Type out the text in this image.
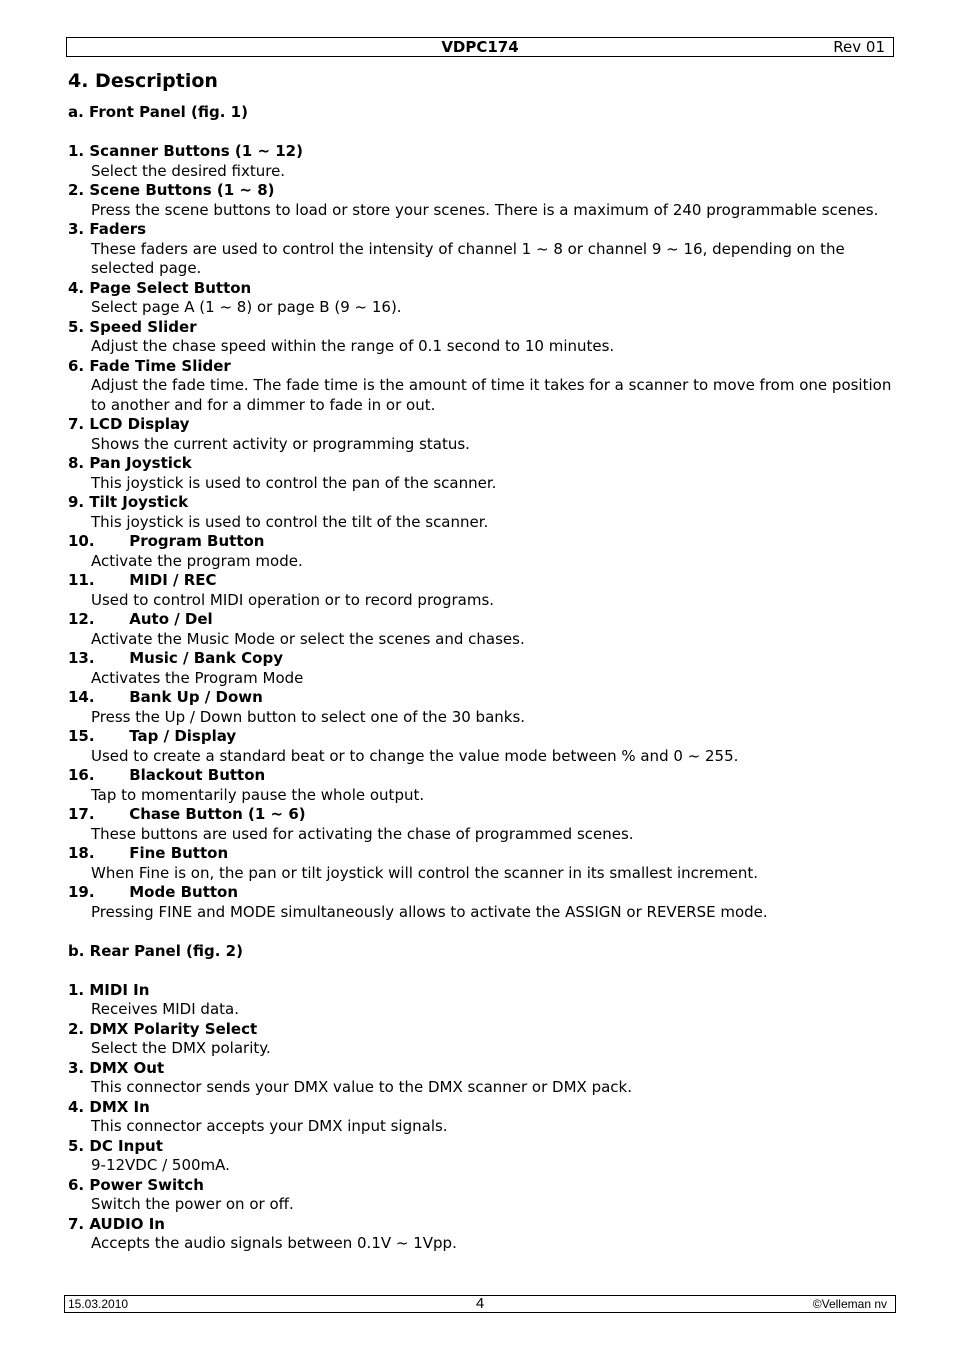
VDPC174	Rev 01
4. Description
a. Front Panel (fig. 1)
1. Scanner Buttons (1 ~ 12)
Select the desired fixture.
2. Scene Buttons (1 ~ 8)
Press the scene buttons to load or store your scenes. There is a maximum of 240 programmable scenes.
3. Faders
These faders are used to control the intensity of channel 1 ~ 8 or channel 9 ~ 16, depending on the selected page.
4. Page Select Button
Select page A (1 ~ 8) or page B (9 ~ 16).
5. Speed Slider
Adjust the chase speed within the range of 0.1 second to 10 minutes.
6. Fade Time Slider
Adjust the fade time. The fade time is the amount of time it takes for a scanner to move from one position to another and for a dimmer to fade in or out.
7. LCD Display
Shows the current activity or programming status.
8. Pan Joystick
This joystick is used to control the pan of the scanner.
9. Tilt Joystick
This joystick is used to control the tilt of the scanner.
10. Program Button
Activate the program mode.
11. MIDI / REC
Used to control MIDI operation or to record programs.
12. Auto / Del
Activate the Music Mode or select the scenes and chases.
13. Music / Bank Copy
Activates the Program Mode
14. Bank Up / Down
Press the Up / Down button to select one of the 30 banks.
15. Tap / Display
Used to create a standard beat or to change the value mode between % and 0 ~ 255.
16. Blackout Button
Tap to momentarily pause the whole output.
17. Chase Button (1 ~ 6)
These buttons are used for activating the chase of programmed scenes.
18. Fine Button
When Fine is on, the pan or tilt joystick will control the scanner in its smallest increment.
19. Mode Button
Pressing FINE and MODE simultaneously allows to activate the ASSIGN or REVERSE mode.
b. Rear Panel (fig. 2)
1. MIDI In
Receives MIDI data.
2. DMX Polarity Select
Select the DMX polarity.
3. DMX Out
This connector sends your DMX value to the DMX scanner or DMX pack.
4. DMX In
This connector accepts your DMX input signals.
5. DC Input
9-12VDC / 500mA.
6. Power Switch
Switch the power on or off.
7. AUDIO In
Accepts the audio signals between 0.1V ~ 1Vpp.
15.03.2010	4	©Velleman nv
